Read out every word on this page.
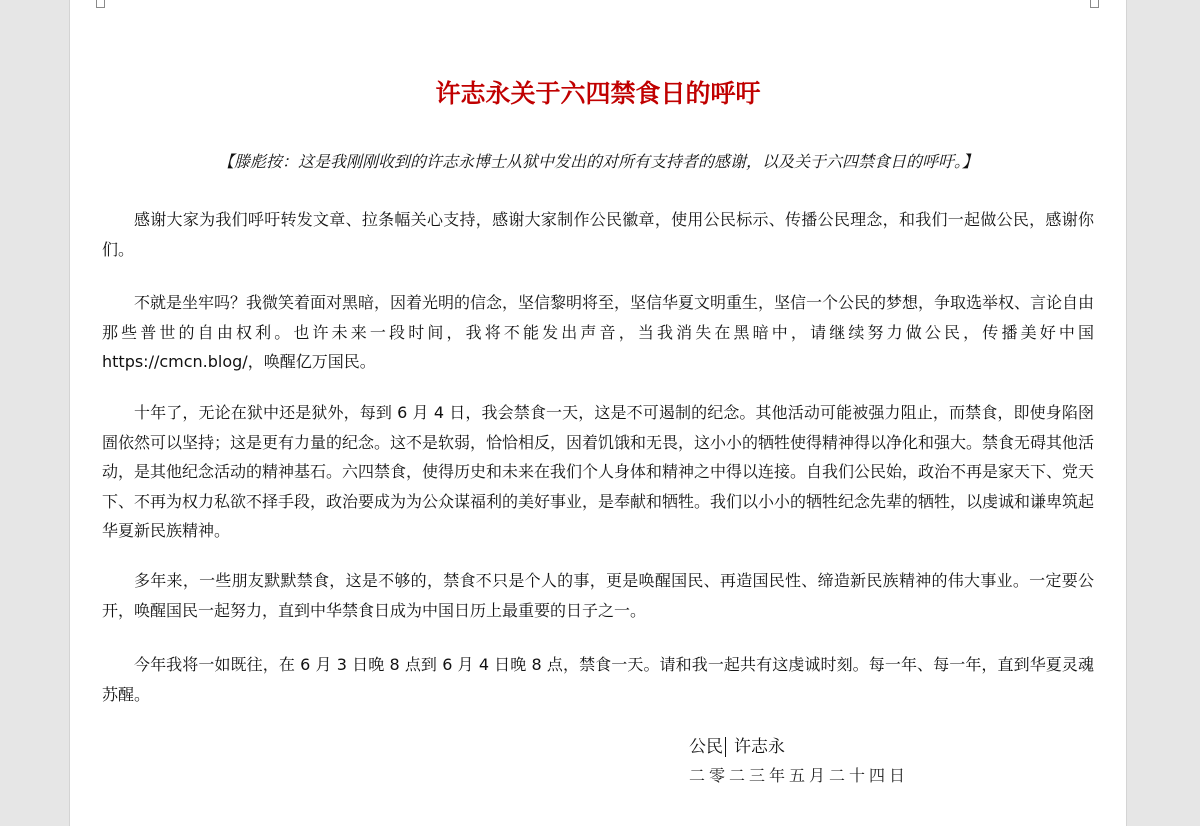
许志永关于六四禁食日的呼吁
【滕彪按：这是我刚刚收到的许志永博士从狱中发出的对所有支持者的感谢，以及关于六四禁食日的呼吁。】

感谢大家为我们呼吁转发文章、拉条幅关心支持，感谢大家制作公民徽章，使用公民标示、传播公民理念，和我们一起做公民，感谢你们。

不就是坐牢吗？我微笑着面对黑暗，因着光明的信念，坚信黎明将至，坚信华夏文明重生，坚信一个公民的梦想，争取选举权、言论自由那些普世的自由权利。也许未来一段时间，我将不能发出声音，当我消失在黑暗中，请继续努力做公民，传播美好中国 https://cmcn.blog/，唤醒亿万国民。

十年了，无论在狱中还是狱外，每到 6 月 4 日，我会禁食一天，这是不可遏制的纪念。其他活动可能被强力阻止，而禁食，即使身陷囹圄依然可以坚持；这是更有力量的纪念。这不是软弱，恰恰相反，因着饥饿和无畏，这小小的牺牲使得精神得以净化和强大。禁食无碍其他活动，是其他纪念活动的精神基石。六四禁食，使得历史和未来在我们个人身体和精神之中得以连接。自我们公民始，政治不再是家天下、党天下、不再为权力私欲不择手段，政治要成为为公众谋福利的美好事业，是奉献和牺牲。我们以小小的牺牲纪念先辈的牺牲，以虔诚和谦卑筑起华夏新民族精神。

多年来，一些朋友默默禁食，这是不够的，禁食不只是个人的事，更是唤醒国民、再造国民性、缔造新民族精神的伟大事业。一定要公开，唤醒国民一起努力，直到中华禁食日成为中国日历上最重要的日子之一。

今年我将一如既往，在 6 月 3 日晚 8 点到 6 月 4 日晚 8 点，禁食一天。请和我一起共有这虔诚时刻。每一年、每一年，直到华夏灵魂苏醒。

公民 许志永
二零二三年五月二十四日
